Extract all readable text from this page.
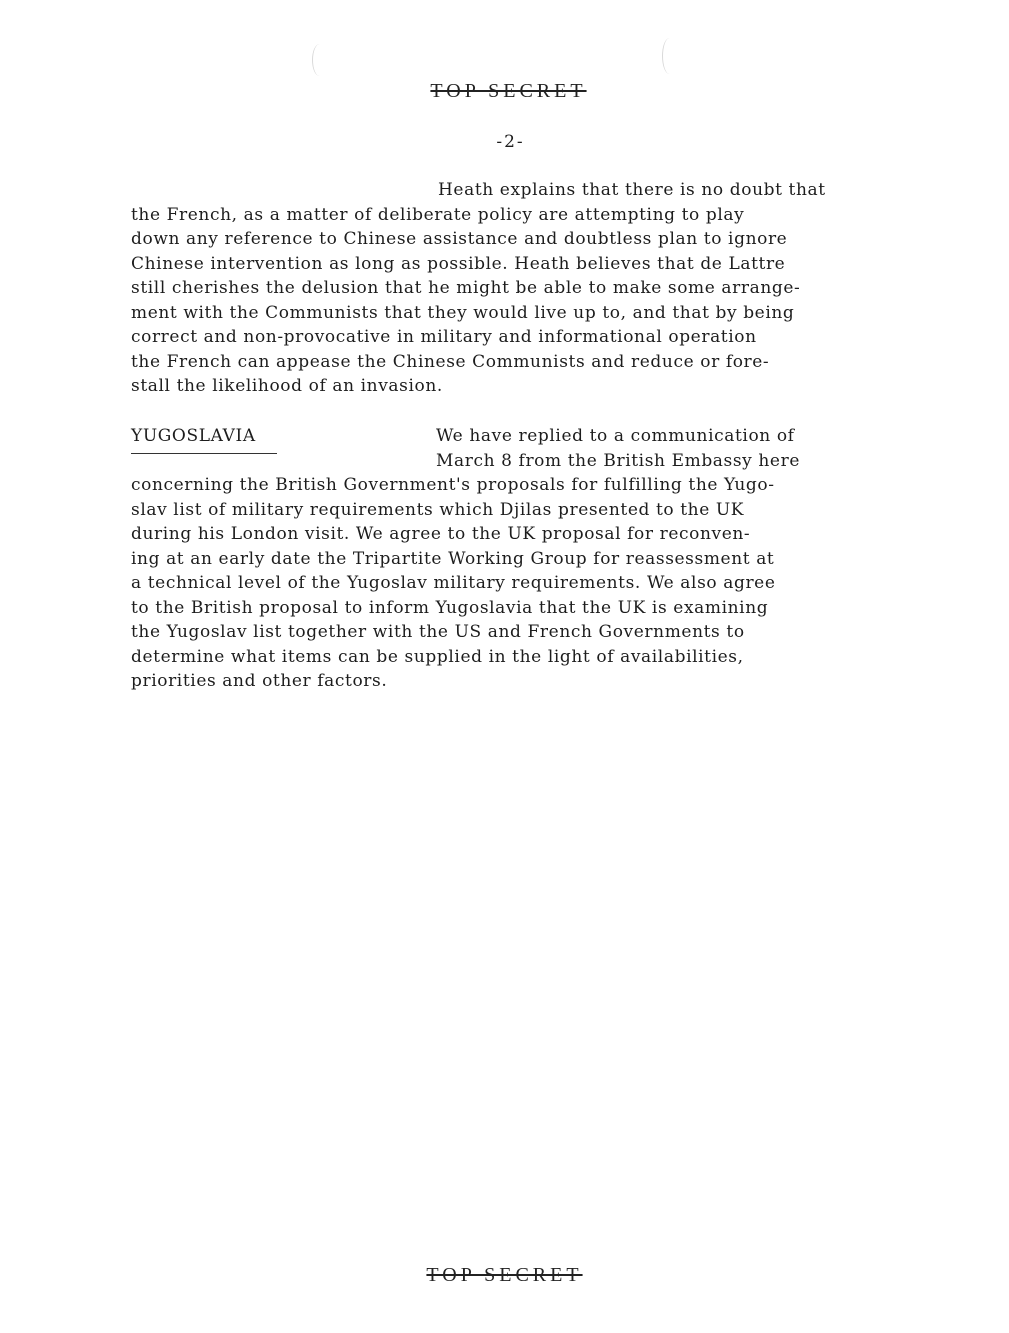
TOP SECRET
-2-
Heath explains that there is no doubt that
the French, as a matter of deliberate policy are attempting to play
down any reference to Chinese assistance and doubtless plan to ignore
Chinese intervention as long as possible. Heath believes that de Lattre
still cherishes the delusion that he might be able to make some arrange-
ment with the Communists that they would live up to, and that by being
correct and non-provocative in military and informational operation
the French can appease the Chinese Communists and reduce or fore-
stall the likelihood of an invasion.
YUGOSLAVIA	We have replied to a communication of
March 8 from the British Embassy here
concerning the British Government's proposals for fulfilling the Yugo-
slav list of military requirements which Djilas presented to the UK
during his London visit. We agree to the UK proposal for reconven-
ing at an early date the Tripartite Working Group for reassessment at
a technical level of the Yugoslav military requirements. We also agree
to the British proposal to inform Yugoslavia that the UK is examining
the Yugoslav list together with the US and French Governments to
determine what items can be supplied in the light of availabilities,
priorities and other factors.
TOP SECRET
